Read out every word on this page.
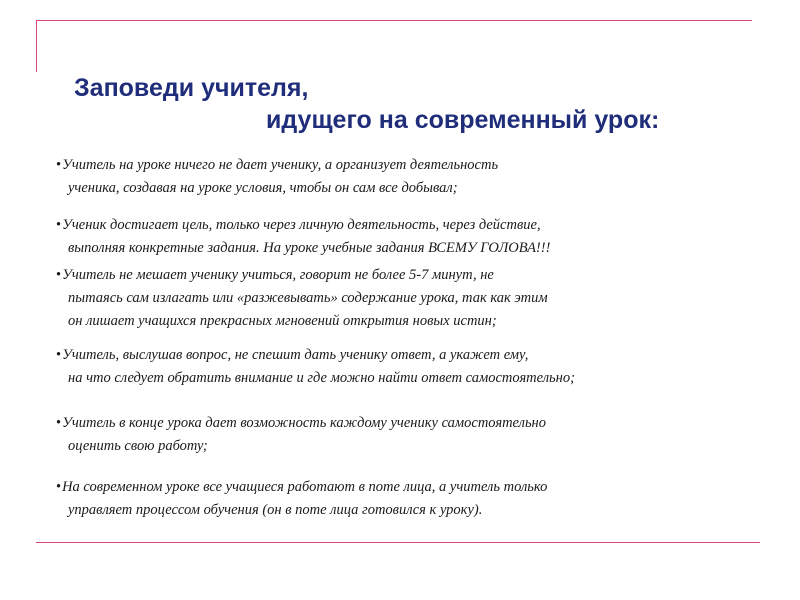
Заповеди учителя,
идущего на современный урок:
•Учитель на уроке ничего не дает ученику, а организует деятельность
ученика, создавая на уроке условия, чтобы он сам все добывал;
•Ученик достигает цель, только через личную деятельность, через действие,
выполняя конкретные задания. На уроке учебные задания ВСЕМУ ГОЛОВА!!!
•Учитель не мешает ученику учиться, говорит не более 5-7 минут, не
пытаясь сам излагать или «разжевывать» содержание урока, так как этим
он лишает учащихся прекрасных мгновений открытия новых истин;
•Учитель, выслушав вопрос, не спешит дать ученику ответ, а укажет ему,
на что следует обратить внимание и где можно найти ответ самостоятельно;
•Учитель в конце урока дает возможность каждому ученику самостоятельно
оценить свою работу;
•На современном уроке все учащиеся работают в поте лица, а учитель только
управляет процессом обучения (он в поте лица готовился к уроку).
